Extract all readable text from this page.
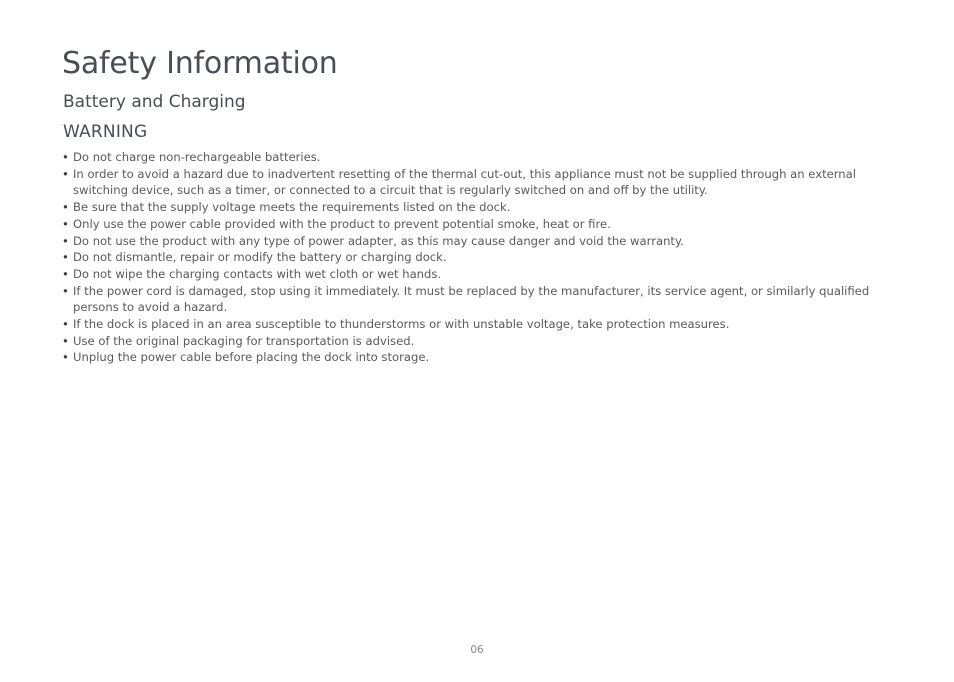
Safety Information
Battery and Charging
WARNING
• Do not charge non-rechargeable batteries.
• In order to avoid a hazard due to inadvertent resetting of the thermal cut-out, this appliance must not be supplied through an external switching device, such as a timer, or connected to a circuit that is regularly switched on and off by the utility.
• Be sure that the supply voltage meets the requirements listed on the dock.
• Only use the power cable provided with the product to prevent potential smoke, heat or fire.
• Do not use the product with any type of power adapter, as this may cause danger and void the warranty.
• Do not dismantle, repair or modify the battery or charging dock.
• Do not wipe the charging contacts with wet cloth or wet hands.
• If the power cord is damaged, stop using it immediately. It must be replaced by the manufacturer, its service agent, or similarly qualified persons to avoid a hazard.
• If the dock is placed in an area susceptible to thunderstorms or with unstable voltage, take protection measures.
• Use of the original packaging for transportation is advised.
• Unplug the power cable before placing the dock into storage.
06
